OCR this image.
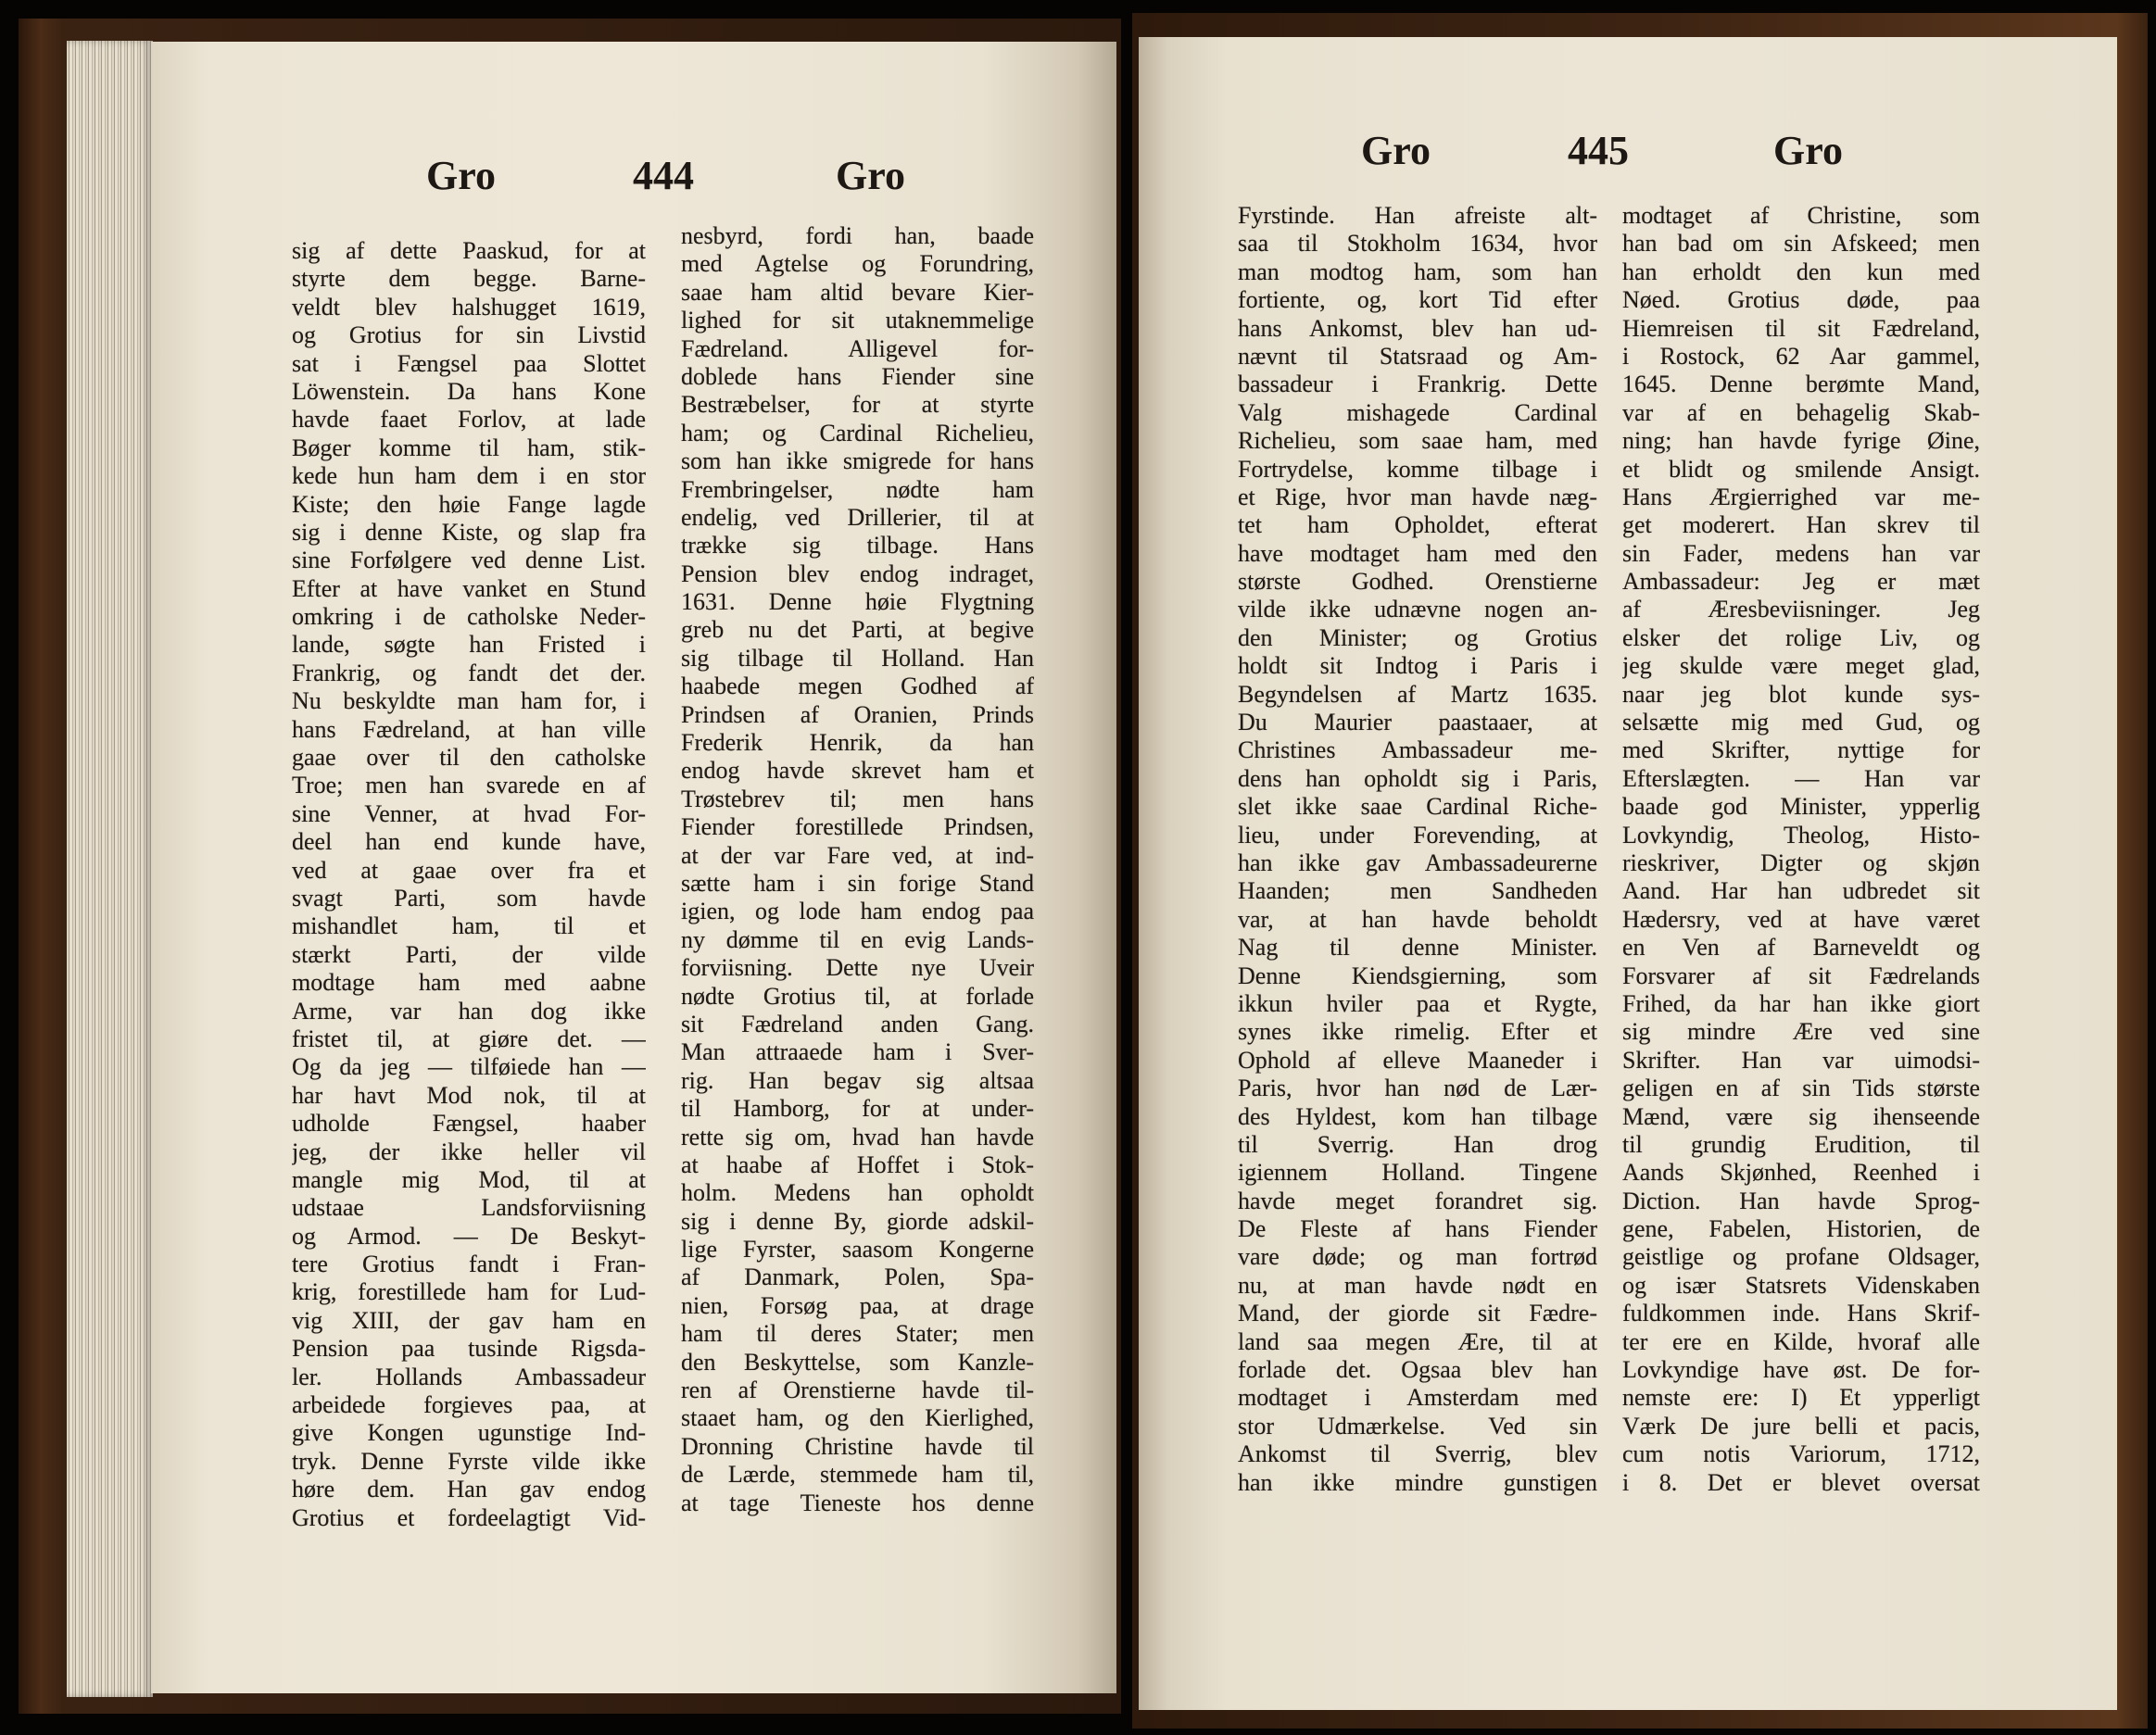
Gro	444	Gro
sig af dette Paaskud, for at
styrte dem begge. Barne-
veldt blev halshugget 1619,
og Grotius for sin Livstid
sat i Fængsel paa Slottet
Löwenstein. Da hans Kone
havde faaet Forlov, at lade
Bøger komme til ham, stik-
kede hun ham dem i en stor
Kiste; den høie Fange lagde
sig i denne Kiste, og slap fra
sine Forfølgere ved denne List.
Efter at have vanket en Stund
omkring i de catholske Neder-
lande, søgte han Fristed i
Frankrig, og fandt det der.
Nu beskyldte man ham for, i
hans Fædreland, at han ville
gaae over til den catholske
Troe; men han svarede en af
sine Venner, at hvad For-
deel han end kunde have,
ved at gaae over fra et
svagt Parti, som havde
mishandlet ham, til et
stærkt Parti, der vilde
modtage ham med aabne
Arme, var han dog ikke
fristet til, at giøre det. —
Og da jeg — tilføiede han —
har havt Mod nok, til at
udholde Fængsel, haaber
jeg, der ikke heller vil
mangle mig Mod, til at
udstaae Landsforviisning
og Armod. — De Beskyt-
tere Grotius fandt i Fran-
krig, forestillede ham for Lud-
vig XIII, der gav ham en
Pension paa tusinde Rigsda-
ler. Hollands Ambassadeur
arbeidede forgieves paa, at
give Kongen ugunstige Ind-
tryk. Denne Fyrste vilde ikke
høre dem. Han gav endog
Grotius et fordeelagtigt Vid-
nesbyrd, fordi han, baade
med Agtelse og Forundring,
saae ham altid bevare Kier-
lighed for sit utaknemmelige
Fædreland. Alligevel for-
doblede hans Fiender sine
Bestræbelser, for at styrte
ham; og Cardinal Richelieu,
som han ikke smigrede for hans
Frembringelser, nødte ham
endelig, ved Drillerier, til at
trække sig tilbage. Hans
Pension blev endog indraget,
1631. Denne høie Flygtning
greb nu det Parti, at begive
sig tilbage til Holland. Han
haabede megen Godhed af
Prindsen af Oranien, Prinds
Frederik Henrik, da han
endog havde skrevet ham et
Trøstebrev til; men hans
Fiender forestillede Prindsen,
at der var Fare ved, at ind-
sætte ham i sin forige Stand
igien, og lode ham endog paa
ny dømme til en evig Lands-
forviisning. Dette nye Uveir
nødte Grotius til, at forlade
sit Fædreland anden Gang.
Man attraaede ham i Sver-
rig. Han begav sig altsaa
til Hamborg, for at under-
rette sig om, hvad han havde
at haabe af Hoffet i Stok-
holm. Medens han opholdt
sig i denne By, giorde adskil-
lige Fyrster, saasom Kongerne
af Danmark, Polen, Spa-
nien, Forsøg paa, at drage
ham til deres Stater; men
den Beskyttelse, som Kanzle-
ren af Orenstierne havde til-
staaet ham, og den Kierlighed,
Dronning Christine havde til
de Lærde, stemmede ham til,
at tage Tieneste hos denne
Gro	445	Gro
Fyrstinde. Han afreiste alt-
saa til Stokholm 1634, hvor
man modtog ham, som han
fortiente, og, kort Tid efter
hans Ankomst, blev han ud-
nævnt til Statsraad og Am-
bassadeur i Frankrig. Dette
Valg mishagede Cardinal
Richelieu, som saae ham, med
Fortrydelse, komme tilbage i
et Rige, hvor man havde næg-
tet ham Opholdet, efterat
have modtaget ham med den
største Godhed. Orenstierne
vilde ikke udnævne nogen an-
den Minister; og Grotius
holdt sit Indtog i Paris i
Begyndelsen af Martz 1635.
Du Maurier paastaaer, at
Christines Ambassadeur me-
dens han opholdt sig i Paris,
slet ikke saae Cardinal Riche-
lieu, under Forevending, at
han ikke gav Ambassadeurerne
Haanden; men Sandheden
var, at han havde beholdt
Nag til denne Minister.
Denne Kiendsgierning, som
ikkun hviler paa et Rygte,
synes ikke rimelig. Efter et
Ophold af elleve Maaneder i
Paris, hvor han nød de Lær-
des Hyldest, kom han tilbage
til Sverrig. Han drog
igiennem Holland. Tingene
havde meget forandret sig.
De Fleste af hans Fiender
vare døde; og man fortrød
nu, at man havde nødt en
Mand, der giorde sit Fædre-
land saa megen Ære, til at
forlade det. Ogsaa blev han
modtaget i Amsterdam med
stor Udmærkelse. Ved sin
Ankomst til Sverrig, blev
han ikke mindre gunstigen
modtaget af Christine, som
han bad om sin Afskeed; men
han erholdt den kun med
Nøed. Grotius døde, paa
Hiemreisen til sit Fædreland,
i Rostock, 62 Aar gammel,
1645. Denne berømte Mand,
var af en behagelig Skab-
ning; han havde fyrige Øine,
et blidt og smilende Ansigt.
Hans Ærgierrighed var me-
get moderert. Han skrev til
sin Fader, medens han var
Ambassadeur: Jeg er mæt
af Æresbeviisninger. Jeg
elsker det rolige Liv, og
jeg skulde være meget glad,
naar jeg blot kunde sys-
selsætte mig med Gud, og
med Skrifter, nyttige for
Efterslægten. — Han var
baade god Minister, ypperlig
Lovkyndig, Theolog, Histo-
rieskriver, Digter og skjøn
Aand. Har han udbredet sit
Hædersry, ved at have været
en Ven af Barneveldt og
Forsvarer af sit Fædrelands
Frihed, da har han ikke giort
sig mindre Ære ved sine
Skrifter. Han var uimodsi-
geligen en af sin Tids største
Mænd, være sig ihenseende
til grundig Erudition, til
Aands Skjønhed, Reenhed i
Diction. Han havde Sprog-
gene, Fabelen, Historien, de
geistlige og profane Oldsager,
og især Statsrets Videnskaben
fuldkommen inde. Hans Skrif-
ter ere en Kilde, hvoraf alle
Lovkyndige have øst. De for-
nemste ere: I) Et ypperligt
Værk De jure belli et pacis,
cum notis Variorum, 1712,
i 8. Det er blevet oversat
